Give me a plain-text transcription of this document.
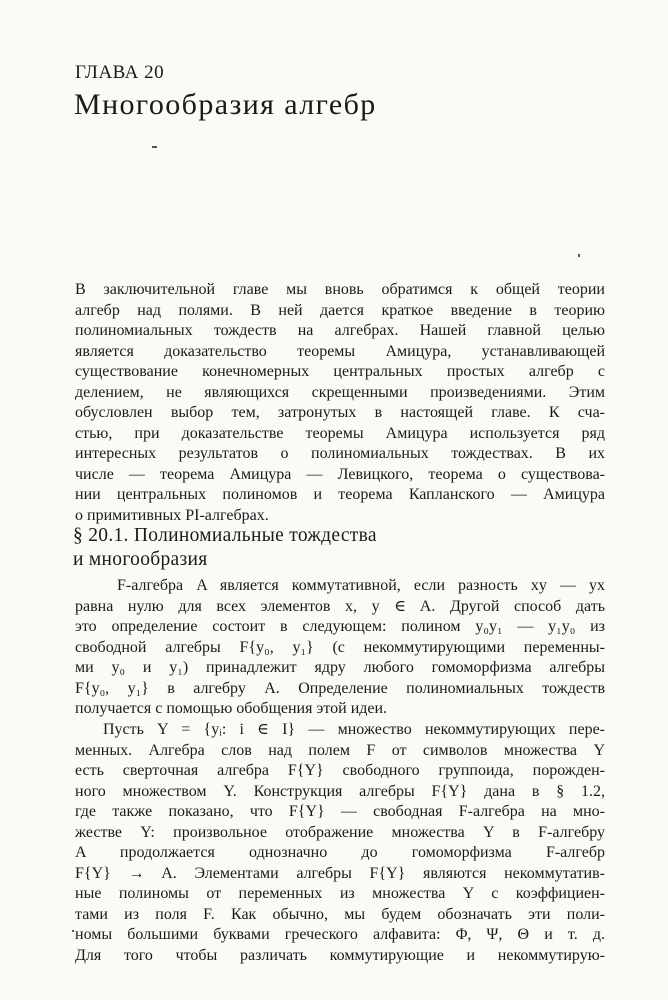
ГЛАВА 20
Многообразия алгебр
В заключительной главе мы вновь обратимся к общей теории
алгебр над полями. В ней дается краткое введение в теорию
полиномиальных тождеств на алгебрах. Нашей главной целью
является доказательство теоремы Амицура, устанавливающей
существование конечномерных центральных простых алгебр с
делением, не являющихся скрещенными произведениями. Этим
обусловлен выбор тем, затронутых в настоящей главе. К сча-
стью, при доказательстве теоремы Амицура используется ряд
интересных результатов о полиномиальных тождествах. В их
числе — теорема Амицура — Левицкого, теорема о существова-
нии центральных полиномов и теорема Капланского — Амицура
о примитивных PI-алгебрах.
§ 20.1. Полиномиальные тождества
и многообразия
F-алгебра A является коммутативной, если разность xy — yx
равна нулю для всех элементов x, y ∈ A. Другой способ дать
это определение состоит в следующем: полином y₀y₁ — y₁y₀ из
свободной алгебры F{y₀, y₁} (с некоммутирующими переменны-
ми y₀ и y₁) принадлежит ядру любого гомоморфизма алгебры
F{y₀, y₁} в алгебру A. Определение полиномиальных тождеств
получается с помощью обобщения этой идеи.
Пусть Y = {yᵢ: i ∈ I} — множество некоммутирующих пере-
менных. Алгебра слов над полем F от символов множества Y
есть свертoчная алгебра F{Y} свободного группоида, порожден-
ного множеством Y. Конструкция алгебры F{Y} дана в § 1.2,
где также показано, что F{Y} — свободная F-алгебра на мно-
жестве Y: произвольное отображение множества Y в F-алгебру
A продолжается однозначно до гомоморфизма F-алгебр
F{Y} → A. Элементами алгебры F{Y} являются некоммутатив-
ные полиномы от переменных из множества Y с коэффициен-
тами из поля F. Как обычно, мы будем обозначать эти поли-
номы большими буквами греческого алфавита: Φ, Ψ, Θ и т. д.
Для того чтобы различать коммутирующие и некоммутирую-
